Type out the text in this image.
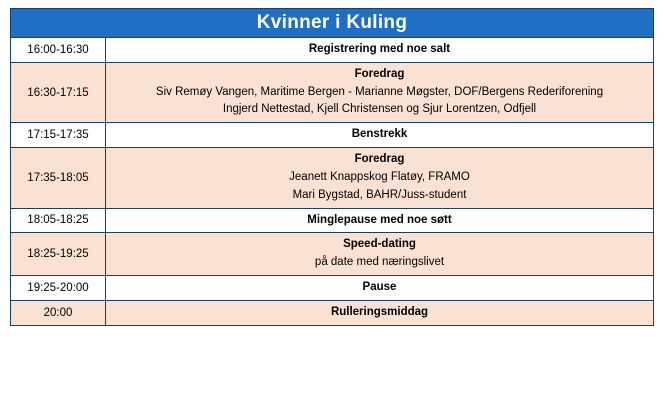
Kvinner i Kuling	
16:00-16:30	Registrering med noe salt

16:30-17:15	Foredrag
Siv Remøy Vangen, Maritime Bergen - Marianne Møgster, DOF/Bergens Rederiforening
Ingjerd Nettestad, Kjell Christensen og Sjur Lorentzen, Odfjell

17:15-17:35	Benstrekk

17:35-18:05	Foredrag
Jeanett Knappskog Flatøy, FRAMO
Mari Bygstad, BAHR/Juss-student

18:05-18:25	Minglepause med noe søtt

18:25-19:25	Speed-dating
på date med næringslivet

19:25-20:00	Pause

20:00	Rulleringsmiddag
